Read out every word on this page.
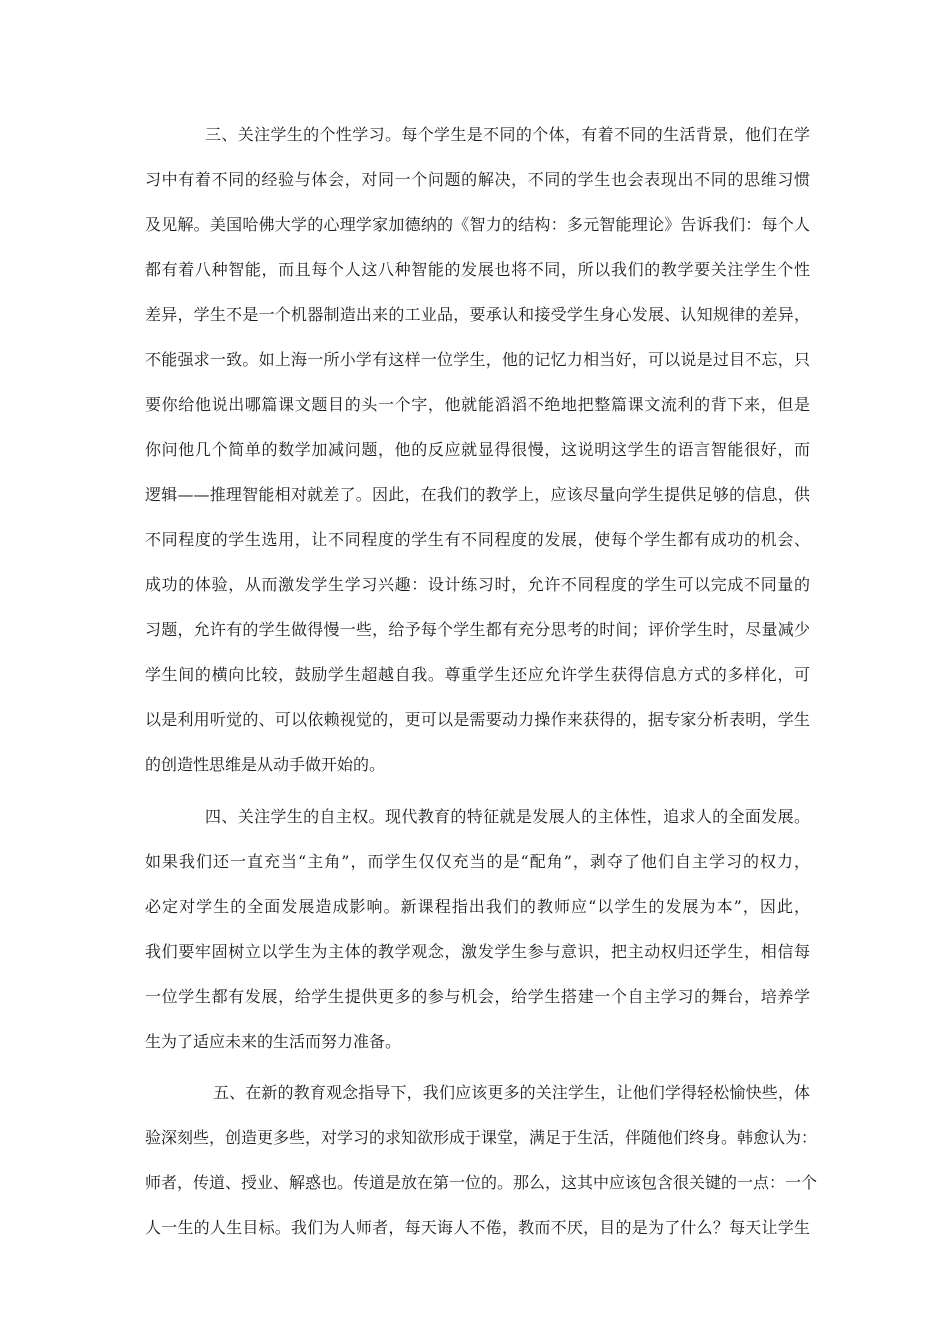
三、关注学生的个性学习。每个学生是不同的个体，有着不同的生活背景，他们在学
习中有着不同的经验与体会，对同一个问题的解决，不同的学生也会表现出不同的思维习惯
及见解。美国哈佛大学的心理学家加德纳的《智力的结构：多元智能理论》告诉我们：每个人
都有着八种智能，而且每个人这八种智能的发展也将不同，所以我们的教学要关注学生个性
差异，学生不是一个机器制造出来的工业品，要承认和接受学生身心发展、认知规律的差异，
不能强求一致。如上海一所小学有这样一位学生，他的记忆力相当好，可以说是过目不忘，只
要你给他说出哪篇课文题目的头一个字，他就能滔滔不绝地把整篇课文流利的背下来，但是
你问他几个简单的数学加减问题，他的反应就显得很慢，这说明这学生的语言智能很好，而
逻辑——推理智能相对就差了。因此，在我们的教学上，应该尽量向学生提供足够的信息，供
不同程度的学生选用，让不同程度的学生有不同程度的发展，使每个学生都有成功的机会、
成功的体验，从而激发学生学习兴趣：设计练习时，允许不同程度的学生可以完成不同量的
习题，允许有的学生做得慢一些，给予每个学生都有充分思考的时间；评价学生时，尽量减少
学生间的横向比较，鼓励学生超越自我。尊重学生还应允许学生获得信息方式的多样化，可
以是利用听觉的、可以依赖视觉的，更可以是需要动力操作来获得的，据专家分析表明，学生
的创造性思维是从动手做开始的。
四、关注学生的自主权。现代教育的特征就是发展人的主体性，追求人的全面发展。
如果我们还一直充当“主角”，而学生仅仅充当的是“配角”，剥夺了他们自主学习的权力，
必定对学生的全面发展造成影响。新课程指出我们的教师应“以学生的发展为本”，因此，
我们要牢固树立以学生为主体的教学观念，激发学生参与意识，把主动权归还学生，相信每
一位学生都有发展，给学生提供更多的参与机会，给学生搭建一个自主学习的舞台，培养学
生为了适应未来的生活而努力准备。
五、在新的教育观念指导下，我们应该更多的关注学生，让他们学得轻松愉快些，体
验深刻些，创造更多些，对学习的求知欲形成于课堂，满足于生活，伴随他们终身。韩愈认为：
师者，传道、授业、解惑也。传道是放在第一位的。那么，这其中应该包含很关键的一点：一个
人一生的人生目标。我们为人师者，每天诲人不倦，教而不厌，目的是为了什么？每天让学生
